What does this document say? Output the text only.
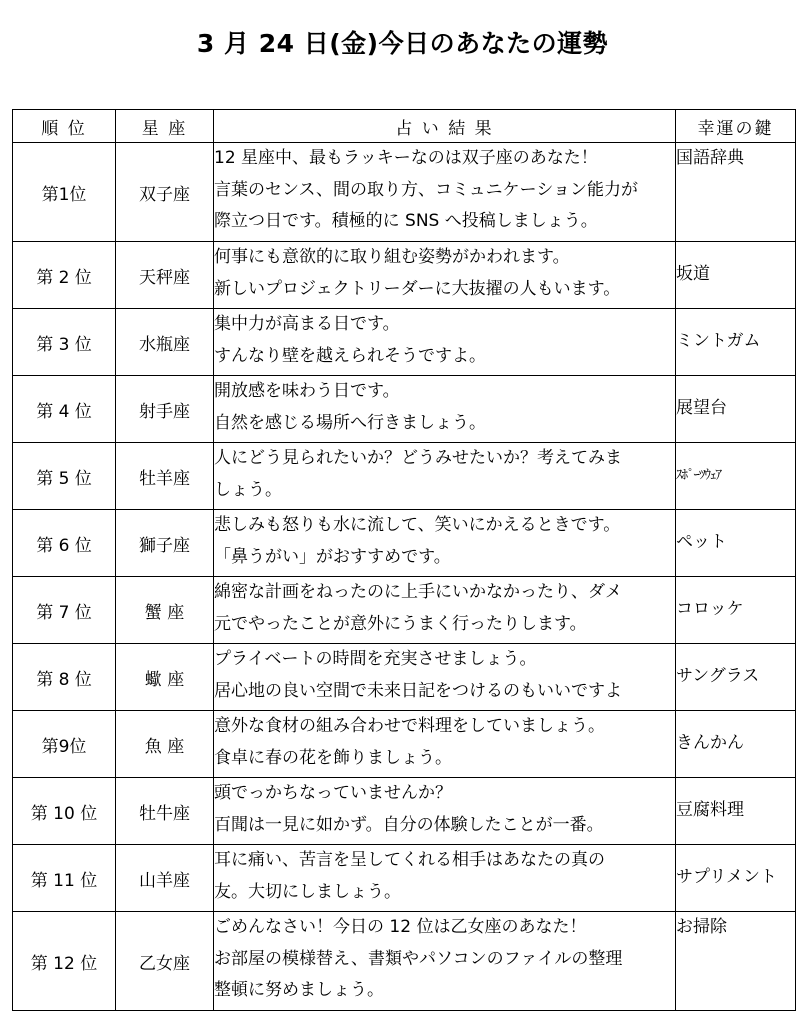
3 月 24 日(金)今日のあなたの運勢
順 位	星 座	占 い 結 果	幸運の鍵
第1位	双子座	12 星座中、最もラッキーなのは双子座のあなた！
言葉のセンス、間の取り方、コミュニケーション能力が
際立つ日です。積極的に SNS へ投稿しましょう。	国語辞典
第 2 位	天秤座	何事にも意欲的に取り組む姿勢がかわれます。
新しいプロジェクトリーダーに大抜擢の人もいます。	坂道
第 3 位	水瓶座	集中力が高まる日です。
すんなり壁を越えられそうですよ。	ミントガム
第 4 位	射手座	開放感を味わう日です。
自然を感じる場所へ行きましょう。	展望台
第 5 位	牡羊座	人にどう見られたいか？どうみせたいか？考えてみま
しょう。	ｽﾎﾟｰﾂｳｪｱ
第 6 位	獅子座	悲しみも怒りも水に流して、笑いにかえるときです。
「鼻うがい」がおすすめです。	ペット
第 7 位	蟹 座	綿密な計画をねったのに上手にいかなかったり、ダメ
元でやったことが意外にうまく行ったりします。	コロッケ
第 8 位	蠍 座	プライベートの時間を充実させましょう。
居心地の良い空間で未来日記をつけるのもいいですよ	サングラス
第9位	魚 座	意外な食材の組み合わせで料理をしていましょう。
食卓に春の花を飾りましょう。	きんかん
第 10 位	牡牛座	頭でっかちなっていませんか？
百聞は一見に如かず。自分の体験したことが一番。	豆腐料理
第 11 位	山羊座	耳に痛い、苦言を呈してくれる相手はあなたの真の
友。大切にしましょう。	サプリメント
第 12 位	乙女座	ごめんなさい！今日の 12 位は乙女座のあなた！
お部屋の模様替え、書類やパソコンのファイルの整理
整頓に努めましょう。	お掃除
